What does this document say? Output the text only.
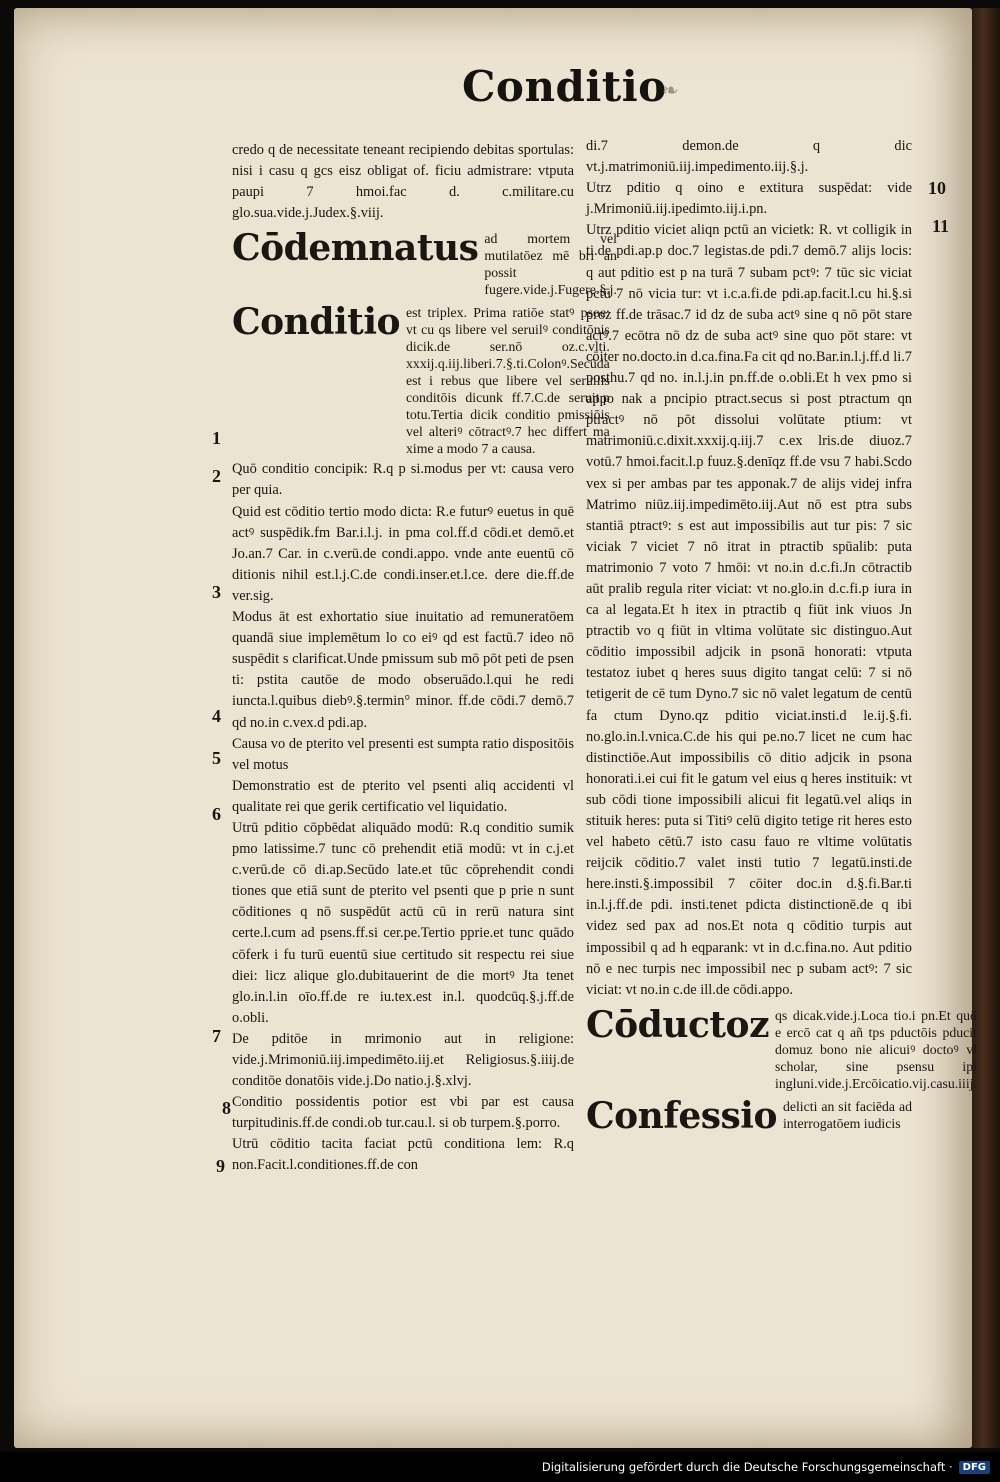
Conditio
❧

credo q de necessitate teneant recipiendo debitas sportulas: nisi i casu q gcs eisz obligat of. ficiu admistrare: vtputa paupi 7 hmoi.fac d. c.militare.cu glo.sua.vide.j.Judex.§.viij.

Cōdemnatus ad mortem vel mutilatōez mē bri an possit fugere.vide.j.Fugere.§.j.
Conditio est triplex. Prima ratiōe statꝰ psoe: vt cu qs libere vel seruilꝰ conditōnis dicik.de ser.nō oz.c.vlti. xxxij.q.iij.liberi.7.§.ti.Colonꝰ.Secūda est i rebus que libere vel seruilis conditōis dicunk ff.7.C.de seruit.p totu.Tertia dicik conditio pmissiōis vel alteriꝰ cōtractꝰ.7 hec differt ma xime a modo 7 a causa.

Quō conditio concipik: R.q p si.modus per vt: causa vero per quia.

Quid est cōditio tertio modo dicta: R.e futurꝰ euetus in quē actꝰ suspēdik.fm Bar.i.l.j. in pma col.ff.d cōdi.et demō.et Jo.an.7 Car. in c.verū.de condi.appo. vnde ante euentū cō ditionis nihil est.l.j.C.de condi.inser.et.l.ce. dere die.ff.de ver.sig.

Modus āt est exhortatio siue inuitatio ad remuneratōem quandā siue implemētum lo co eiꝰ qd est factū.7 ideo nō suspēdit s clarificat.Unde pmissum sub mō pōt peti de psen ti: pstita cautōe de modo obseruādo.l.qui he redi iuncta.l.quibus diebꝰ.§.termin° minor. ff.de cōdi.7 demō.7 qd no.in c.vex.d pdi.ap.

Causa vo de pterito vel presenti est sumpta ratio dispositōis vel motus

Demonstratio est de pterito vel psenti aliq accidenti vl qualitate rei que gerik certificatio vel liquidatio.

Utrū pditio cōpbēdat aliquādo modū: R.q conditio sumik pmo latissime.7 tunc cō prehendit etiā modū: vt in c.j.et c.verū.de cō di.ap.Secūdo late.et tūc cōprehendit condi tiones que etiā sunt de pterito vel psenti que p prie n sunt cōditiones q nō suspēdūt actū cū in rerū natura sint certe.l.cum ad psens.ff.si cer.pe.Tertio pprie.et tunc quādo cōferk i fu turū euentū siue certitudo sit respectu rei siue diei: licz alique glo.dubitauerint de die mortꝰ Jta tenet glo.in.l.in oīo.ff.de re iu.tex.est in.l. quodcūq.§.j.ff.de o.obli.

De pditōe in mrimonio aut in religione: vide.j.Mrimoniū.iij.impedimēto.iij.et Religiosus.§.iiij.de conditōe donatōis vide.j.Do natio.j.§.xlvj.

Conditio possidentis potior est vbi par est causa turpitudinis.ff.de condi.ob tur.cau.l. si ob turpem.§.porro.

Utrū cōditio tacita faciat pctū conditiona lem: R.q non.Facit.l.conditiones.ff.de con

1
2
3
4
5
6
7
8
9

di.7 demon.de q dic vt.j.matrimoniū.iij.impedimento.iij.§.j.

Utrz pditio q oino e extitura suspēdat: vide j.Mrimoniū.iij.ipedimto.iij.i.pn.

Utrz pditio viciet aliqn pctū an vicietk: R. vt colligik in ti.de pdi.ap.p doc.7 legistas.de pdi.7 demō.7 alijs locis: q aut pditio est p na turā 7 subam pctꝰ: 7 tūc sic viciat pctū 7 nō vicia tur: vt i.c.a.fi.de pdi.ap.facit.l.cu hi.§.si proz ff.de trāsac.7 id dz de suba actꝰ sine q nō pōt stare actꝰ.7 ecōtra nō dz de suba actꝰ sine quo pōt stare: vt cōiter no.docto.in d.ca.fina.Fa cit qd no.Bar.in.l.j.ff.d li.7 posthu.7 qd no. in.l.j.in pn.ff.de o.obli.Et h vex pmo si appo nak a pncipio ptract.secus si post ptractum qn ptractꝰ nō pōt dissolui volūtate ptium: vt matrimoniū.c.dixit.xxxij.q.iij.7 c.ex lris.de diuoz.7 votū.7 hmoi.facit.l.p fuuz.§.denīqz ff.de vsu 7 habi.Scdo vex si per ambas par tes apponak.7 de alijs videj infra Matrimo niūz.iij.impedimēto.iij.Aut nō est ptra subs stantiā ptractꝰ: s est aut impossibilis aut tur pis: 7 sic viciak 7 viciet 7 nō itrat in ptractib spūalib: puta matrimonio 7 voto 7 hmōi: vt no.in d.c.fi.Jn cōtractib aūt pralib regula riter viciat: vt no.glo.in d.c.fi.p iura in ca al legata.Et h itex in ptractib q fiūt ink viuos Jn ptractib vo q fiūt in vltima volūtate sic distinguo.Aut cōditio impossibil adjcik in psonā honorati: vtputa testatoz iubet q heres suus digito tangat celū: 7 si nō tetigerit de cē tum Dyno.7 sic nō valet legatum de centū fa ctum Dyno.qz pditio viciat.insti.d le.ij.§.fi. no.glo.in.l.vnica.C.de his qui pe.no.7 licet ne cum hac distinctiōe.Aut impossibilis cō ditio adjcik in psona honorati.i.ei cui fit le gatum vel eius q heres instituik: vt sub cōdi tione impossibili alicui fit legatū.vel aliqs in stituik heres: puta si Titiꝰ celū digito tetige rit heres esto vel habeto cētū.7 isto casu fauo re vltime volūtatis reijcik cōditio.7 valet insti tutio 7 legatū.insti.de here.insti.§.impossibil 7 cōiter doc.in d.§.fi.Bar.ti in.l.j.ff.de pdi. insti.tenet pdicta distinctionē.de q ibi videz sed pax ad nos.Et nota q cōditio turpis aut impossibil q ad h eqparank: vt in d.c.fina.no. Aut pditio nō e nec turpis nec impossibil nec p subam actꝰ: 7 sic viciat: vt no.in c.de ill.de cōdi.appo.

Cōductoz qs dicak.vide.j.Loca tio.i pn.Et quō e ercō cat q añ tps pductōis pducit domuz bono nie alicuiꝰ doctoꝰ vl scholar, sine psensu ipi ingluni.vide.j.Ercōicatio.vij.casu.iiij.
Confessio delicti an sit faciēda ad interrogatōem iudicis
10
11
Digitalisierung gefördert durch die Deutsche Forschungsgemeinschaft ·	DFG
